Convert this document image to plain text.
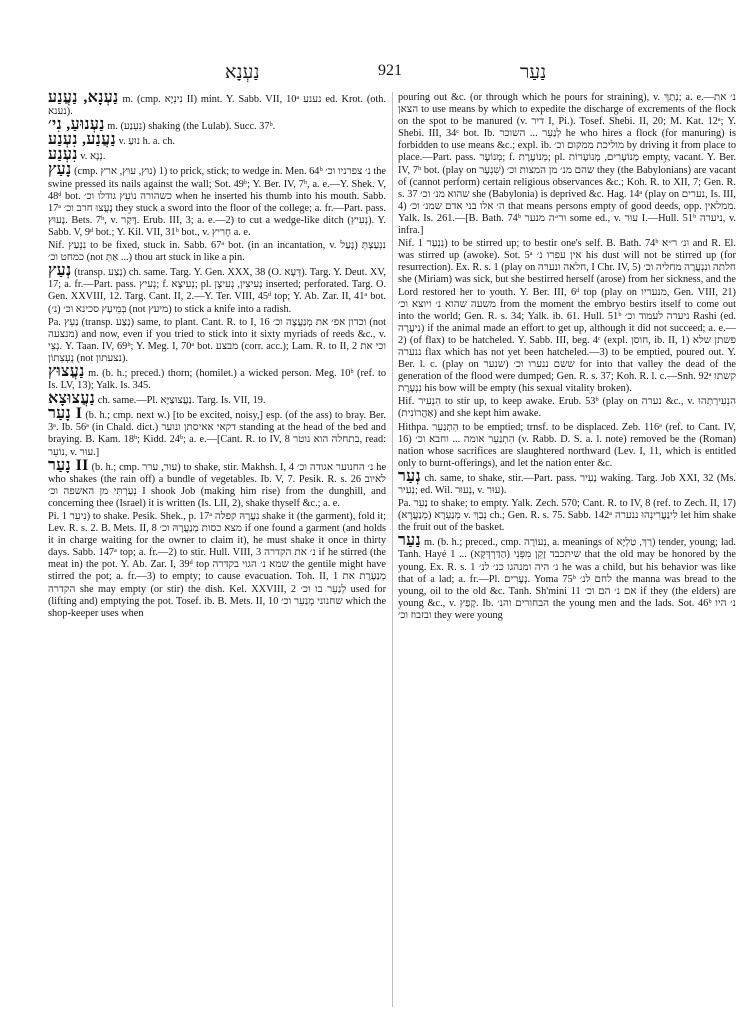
נַעְנָא	921	נַעַר

נַעְנָא, נַעֲנַע m. (cmp. נִינְיָא II) mint. Y. Sabb. VII, 10ᵃ נענע ed. Krot. (oth. נענא).

נַעְנוּעַ, נִי׳ m. (נִעְנַע) shaking (the Lulab). Succ. 37ᵇ.

נַעֲנַע, נִעְנַע v. נוּעַ h. a. ch.

נִעְנַע v. נְנָא.

נָעַץ (cmp. נוּץ, עוּץ, ארץ) 1) to prick, stick; to wedge in. Men. 64ᵇ נ׳ צפרניו וכ׳ the swine pressed its nails against the wall; Sot. 49ᵇ; Y. Ber. IV, 7ᵇ, a. e.—Y. Shek. V, 48ᵈ bot. כשהורה נוֹעֵץ גודלו וכ׳ when he inserted his thumb into his mouth. Sabb. 17ᵃ נָעֲצוּ חרב וכ׳ they stuck a sword into the floor of the college; a. fr.—Part. pass. נָעוּץ. Bets. 7ᵇ, v. דָּקַר. Erub. III, 3; a. e.—2) to cut a wedge-like ditch (נְעִיץ). Y. Sabb. V, 9ᵈ bot.; Y. Kil. VII, 31ᵇ bot., v. חָרִיץ a. e.

Nif. נִנְעַץ to be fixed, stuck in. Sabb. 67ᵃ bot. (in an incantation, v. נָעַל) נִנְעַצְתְּ כמחט וכ׳ (not אַתְּ ...) thou art stuck in like a pin.

נְעַץ (transp. נְצַע) ch. same. Targ. Y. Gen. XXX, 38 (O. דְּעָא). Targ. Y. Deut. XV, 17; a. fr.—Part. pass. נְעִיץ; f. נְעִיצָא; pl. נְעִיצִין, נְעִיצָן inserted; perforated. Targ. O. Gen. XXVIII, 12. Targ. Cant. II, 2.—Y. Ter. VIII, 45ᵈ top; Y. Ab. Zar. II, 41ᵃ bot. (נ׳) בְּמֵיעָץ סכינא וכ׳ (not מיעץ) to stick a knife into a radish.

Pa. נַעֵץ (transp. נְצַע) same, to plant. Cant. R. to I, 16 וכדון אפ׳ את מְנַעֲצָה וכ׳ (not מנצעה) and now, even if you tried to stick into it sixty myriads of reeds &c., v. נְצֵי. Y. Taan. IV, 69ᵇ; Y. Meg. I, 70ᵃ bot. מבצע (corr. acc.); Lam. R. to II, 2 וכי את נָעְצְתוֹן (not נצעתון).

נַעֲצוּץ m. (b. h.; preced.) thorn; (homilet.) a wicked person. Meg. 10ᵇ (ref. to Is. LV, 13); Yalk. Is. 345.

נַעֲצוּצָא ch. same.—Pl. נַעֲצוּצַיָּא. Targ. Is. VII, 19.

נָעַר I (b. h.; cmp. next w.) [to be excited, noisy,] esp. (of the ass) to bray. Ber. 3ᵃ. Ib. 56ᵃ (in Chald. dict.) דקאי אאיסתן ונוער standing at the head of the bed and braying. B. Kam. 18ᵇ; Kidd. 24ᵇ; a. e.—[Cant. R. to IV, 8 בתחלה הוא נוטר, read: נוֹעֵר, v. עוּר.]

נָעַר II (b. h.; cmp. עוּר, ערר) to shake, stir. Makhsh. I, 4 נ׳ החנוער אגודה וכ׳ he who shakes (the rain off) a bundle of vegetables. Ib. V, 7. Pesik. R. s. 26 לאיוב נְעַרְתִּי מן האשפה וכ׳ I shook Job (making him rise) from the dunghill, and concerning thee (Israel) it is written (Is. LII, 2), shake thyself &c.; a. e.

Pi. נִיעֵר 1) to shake. Pesik. Shek., p. 17ᵃ נִעֲרָהּ קפלה shake it (the garment), fold it; Lev. R. s. 2. B. Mets. II, 8 מצא כסות מְנַעֲרָהּ וכ׳ if one found a garment (and holds it in charge waiting for the owner to claim it), he must shake it once in thirty days. Sabb. 147ᵃ top; a. fr.—2) to stir. Hull. VIII, 3 נ׳ את הקדרה if he stirred (the meat in) the pot. Y. Ab. Zar. I, 39ᵈ top שמא נ׳ הגוי בקדרה the gentile might have stirred the pot; a. fr.—3) to empty; to cause evacuation. Toh. II, 1 מְנַעֶרֶת את הקדרה she may empty (or stir) the dish. Kel. XXVIII, 2 לְנַעֵר בו וכ׳ used for (lifting and) emptying the pot. Tosef. ib. B. Mets. II, 10 שחנוני מְנַעֵר וכ׳ which the shop-keeper uses when

pouring out &c. (or through which he pours for straining), v. נְתַךְ; a. e.—נ׳ את הצאן to use means by which to expedite the discharge of excrements of the flock on the spot to be manured (v. דיר I, Pi.). Tosef. Shebi. II, 20; M. Kat. 12ᵃ; Y. Shebi. III, 34ᶜ bot. Ib. לְנַעֵר ... השוכר he who hires a flock (for manuring) is forbidden to use means &c.; expl. ib. מוליכת ממקום וכ׳ by driving it from place to place.—Part. pass. מְנוֹעָר; f. מְנוֹעֶרֶת; pl. מְנוֹעָרִים, מְנוֹעָרוֹת empty, vacant. Y. Ber. IV, 7ᵇ bot. (play on שִׁנְעָר) שהם מנ׳ מן המצות וכ׳ they (the Babylonians) are vacant of (cannot perform) certain religious observances &c.; Koh. R. to XII, 7; Gen. R. s. 37 שהוא מנ׳ וכ׳ she (Babylonia) is deprived &c. Hag. 14ᵃ (play on נערים, Is. III, 4) ה׳ אלו בני אדם שמנ׳ וכ׳ that means persons empty of good deeds, opp. ממלאין. Yalk. Is. 261.—[B. Bath. 74ᵇ ור״ה מנער some ed., v. עוּר I.—Hull. 51ᵇ ניערה, v. infra.]

Nif. נִנְעַר 1) to be stirred up; to bestir one's self. B. Bath. 74ᵇ ונ׳ ר״א and R. El. was stirred up (awoke). Sot. 5ᵃ אין עפרו נ׳ his dust will not be stirred up (for resurrection). Ex. R. s. 1 (play on חלאה ונערה, I Chr. IV, 5) חלתה ונִנְעֲרָה מחליה וכ׳ she (Miriam) was sick, but she bestirred herself (arose) from her sickness, and the Lord restored her to youth. Y. Ber. III, 6ᵈ top (play on מנעריו, Gen. VIII, 21) משעה שהוא נ׳ ויוצא וכ׳ from the moment the embryo bestirs itself to come out into the world; Gen. R. s. 34; Yalk. ib. 61. Hull. 51ᵇ ניערה לעמוד וכ׳ Rashi (ed. נִיעֲרָה) if the animal made an effort to get up, although it did not succeed; a. e.—2) (of flax) to be hatcheled. Y. Sabb. III, beg. 4ᶜ (expl. חוסן, ib. II, 1) פשתן שלא ננערה flax which has not yet been hatcheled.—3) to be emptied, poured out. Y. Ber. l. c. (play on שנער) ששם ננערו וכ׳ for into that valley the dead of the generation of the flood were dumped; Gen. R. s. 37; Koh. R. l. c.—Snh. 92ᵃ קשתו נִנְעֶרֶת his bow will be empty (his sexual vitality broken).

Hif. הִנְעִיר to stir up, to keep awake. Erub. 53ᵇ (play on נערה &c., v. הִנְעִירַתְהוּ (אַהֲרוֹנִית) and she kept him awake.

Hithpa. הִתְנַעֵר to be emptied; trnsf. to be displaced. Zeb. 116ᵃ (ref. to Cant. IV, 16) הִתְנַעֵר אומה ... וחבא וכ׳ (v. Rabb. D. S. a. l. note) removed be the (Roman) nation whose sacrifices are slaughtered northward (Lev. I, 11, which is entitled only to burnt-offerings), and let the nation enter &c.

נְעַר ch. same, to shake, stir.—Part. pass. נְעִיר waking. Targ. Job XXI, 32 (Ms. נְעִיר; ed. Wil. נְעוּר, v. עוּר).

Pa. נַעֵר to shake; to empty. Yalk. Zech. 570; Cant. R. to IV, 8 (ref. to Zech. II, 17) מְנַעְרָא (מְנַעֲרָא) v. נְבַךְ ch.; Gen. R. s. 75. Sabb. 142ᵃ לִינַעֲרִינְהוּ ננערה let him shake the fruit out of the basket.

נַעַר m. (b. h.; preced., cmp. נְעוֹרָה, a. meanings of רַךְ, טַלְיָא) tender, young; lad. Tanh. Hayé 1 ... שיתכבד זָקֵן מִפְּנֵי (הַדַּרְדְּקָא) that the old may be honored by the young. Ex. R. s. 1 נ׳ היה ומנהגו כנ׳ לנ׳ he was a child, but his behavior was like that of a lad; a. fr.—Pl. נְעָרִים. Yoma 75ᵇ לחם לנ׳ the manna was bread to the young, oil to the old &c. Tanh. Sh'mini 11 אם נ׳ הם וכ׳ if they (the elders) are young &c., v. קָפַץ. Ib. הבחורים והנ׳ the young men and the lads. Sot. 46ᵇ נ׳ היו ובזבוז וכ׳ they were young
